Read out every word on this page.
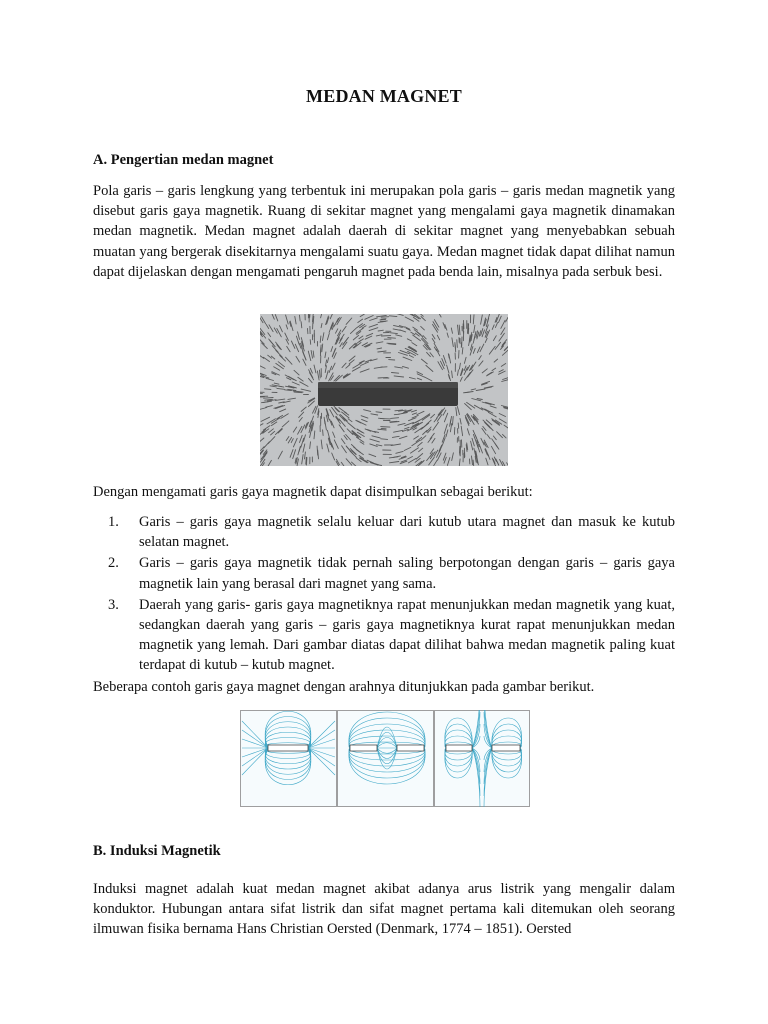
MEDAN MAGNET
A. Pengertian medan magnet
Pola garis – garis lengkung yang terbentuk ini merupakan pola garis – garis medan magnetik yang disebut garis gaya magnetik. Ruang di sekitar magnet yang mengalami gaya magnetik dinamakan medan magnetik. Medan magnet adalah daerah di sekitar magnet yang menyebabkan sebuah muatan yang bergerak disekitarnya mengalami suatu gaya. Medan magnet tidak dapat dilihat namun dapat dijelaskan dengan mengamati pengaruh magnet pada benda lain, misalnya pada serbuk besi.
Dengan mengamati garis gaya magnetik dapat disimpulkan sebagai berikut:
1. Garis – garis gaya magnetik selalu keluar dari kutub utara magnet dan masuk ke kutub selatan magnet.
2. Garis – garis gaya magnetik tidak pernah saling berpotongan dengan garis – garis gaya magnetik lain yang berasal dari magnet yang sama.
3. Daerah yang garis- garis gaya magnetiknya rapat menunjukkan medan magnetik yang kuat, sedangkan daerah yang garis – garis gaya magnetiknya kurat rapat menunjukkan medan magnetik yang lemah. Dari gambar diatas dapat dilihat bahwa medan magnetik paling kuat terdapat di kutub – kutub magnet.
Beberapa contoh garis gaya magnet dengan arahnya ditunjukkan pada gambar berikut.
B. Induksi Magnetik
Induksi magnet adalah kuat medan magnet akibat adanya arus listrik yang mengalir dalam konduktor. Hubungan antara sifat listrik dan sifat magnet pertama kali ditemukan oleh seorang ilmuwan fisika bernama Hans Christian Oersted (Denmark, 1774 – 1851). Oersted
